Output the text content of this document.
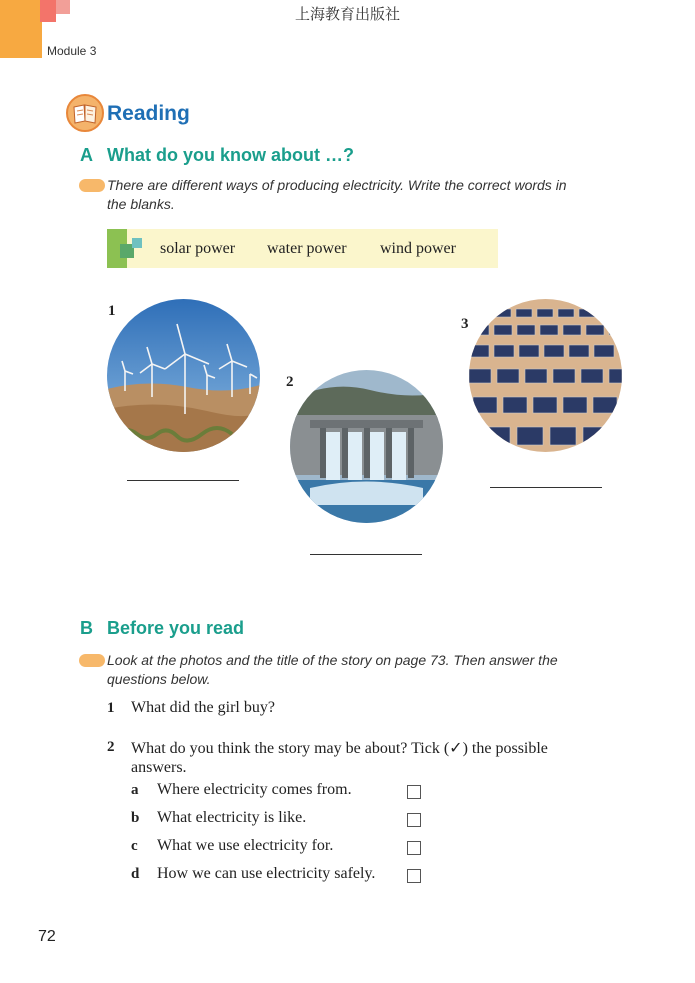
上海教育出版社
Module 3
Reading
A What do you know about …?
There are different ways of producing electricity. Write the correct words in
the blanks.
solar power water power wind power
1
2
3
B Before you read
Look at the photos and the title of the story on page 73. Then answer the
questions below.
1 What did the girl buy?
2 What do you think the story may be about? Tick (✓) the possible
answers.
a Where electricity comes from.
b What electricity is like.
c What we use electricity for.
d How we can use electricity safely.
72
